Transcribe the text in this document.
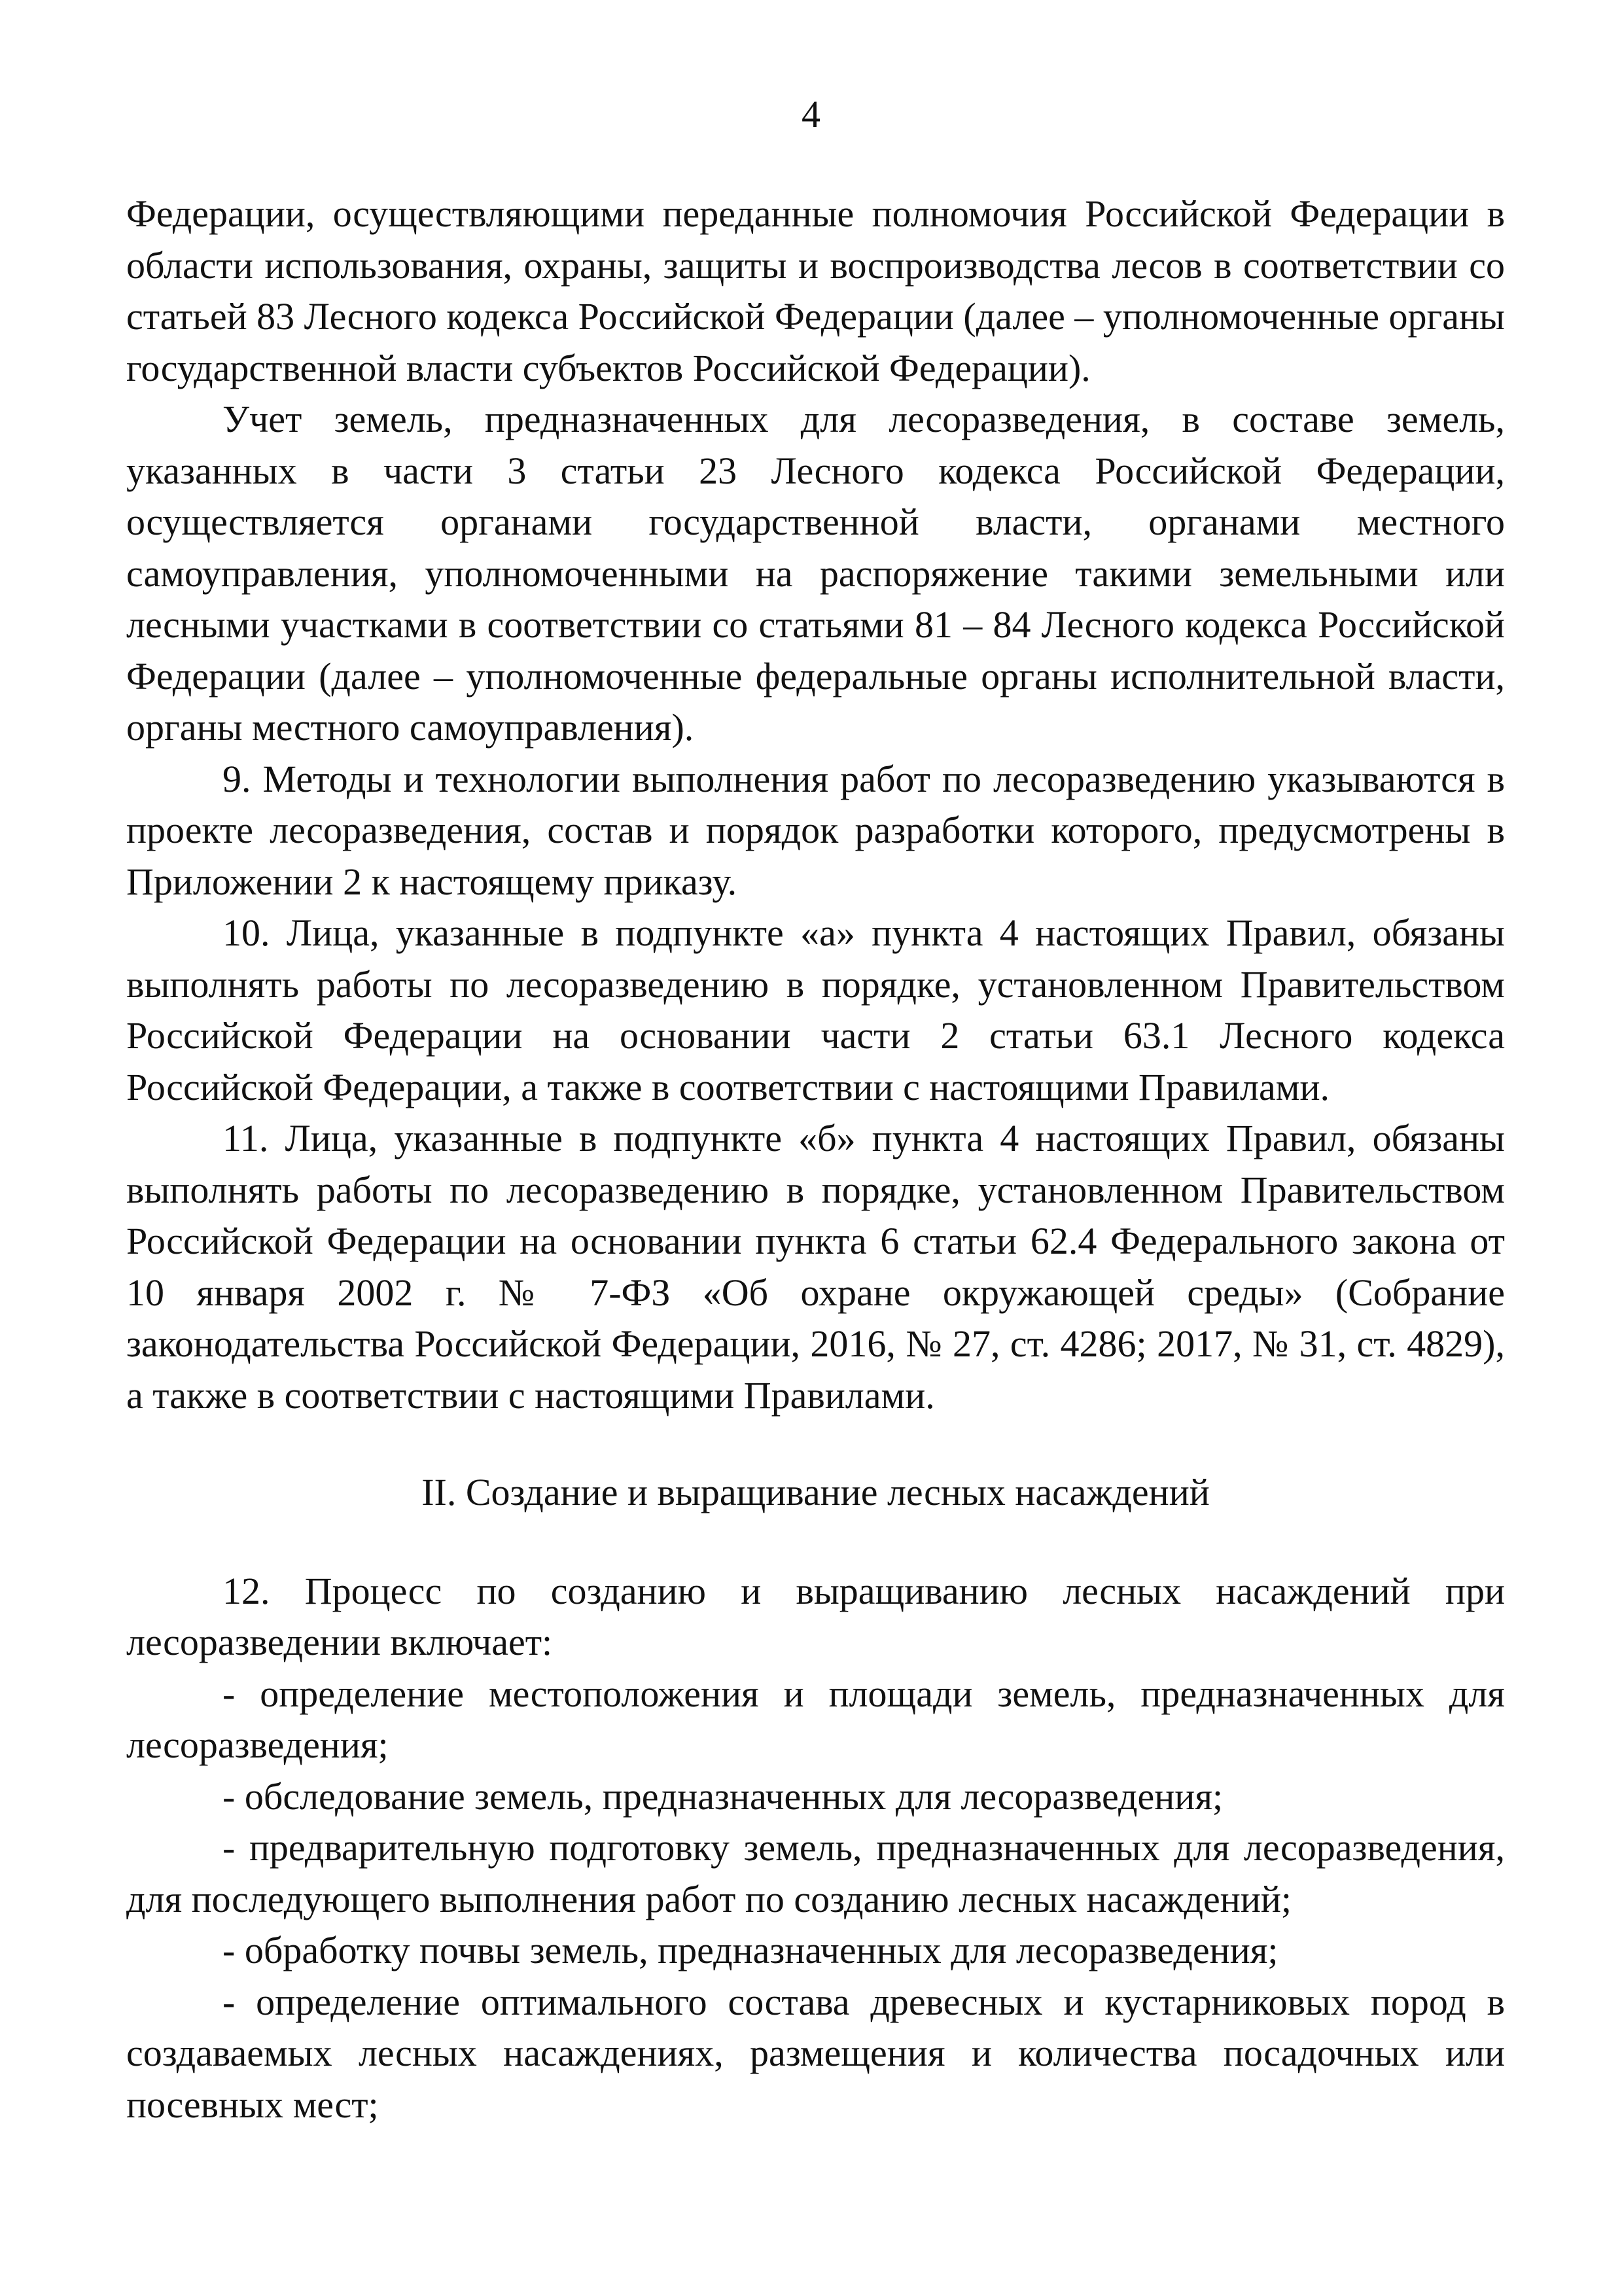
4

Федерации, осуществляющими переданные полномочия Российской Федерации в области использования, охраны, защиты и воспроизводства лесов в соответствии со статьей 83 Лесного кодекса Российской Федерации (далее – уполномоченные органы государственной власти субъектов Российской Федерации).

Учет земель, предназначенных для лесоразведения, в составе земель, указанных в части 3 статьи 23 Лесного кодекса Российской Федерации, осуществляется органами государственной власти, органами местного самоуправления, уполномоченными на распоряжение такими земельными или лесными участками в соответствии со статьями 81 – 84 Лесного кодекса Российской Федерации (далее – уполномоченные федеральные органы исполнительной власти, органы местного самоуправления).

9. Методы и технологии выполнения работ по лесоразведению указываются в проекте лесоразведения, состав и порядок разработки которого, предусмотрены в Приложении 2 к настоящему приказу.

10. Лица, указанные в подпункте «а» пункта 4 настоящих Правил, обязаны выполнять работы по лесоразведению в порядке, установленном Правительством Российской Федерации на основании части 2 статьи 63.1 Лесного кодекса Российской Федерации, а также в соответствии с настоящими Правилами.

11. Лица, указанные в подпункте «б» пункта 4 настоящих Правил, обязаны выполнять работы по лесоразведению в порядке, установленном Правительством Российской Федерации на основании пункта 6 статьи 62.4 Федерального закона от 10 января 2002 г. № 7-ФЗ «Об охране окружающей среды» (Собрание законодательства Российской Федерации, 2016, № 27, ст. 4286; 2017, № 31, ст. 4829), а также в соответствии с настоящими Правилами.

II. Создание и выращивание лесных насаждений

12. Процесс по созданию и выращиванию лесных насаждений при лесоразведении включает:

- определение местоположения и площади земель, предназначенных для лесоразведения;

- обследование земель, предназначенных для лесоразведения;

- предварительную подготовку земель, предназначенных для лесоразведения, для последующего выполнения работ по созданию лесных насаждений;

- обработку почвы земель, предназначенных для лесоразведения;

- определение оптимального состава древесных и кустарниковых пород в создаваемых лесных насаждениях, размещения и количества посадочных или посевных мест;
